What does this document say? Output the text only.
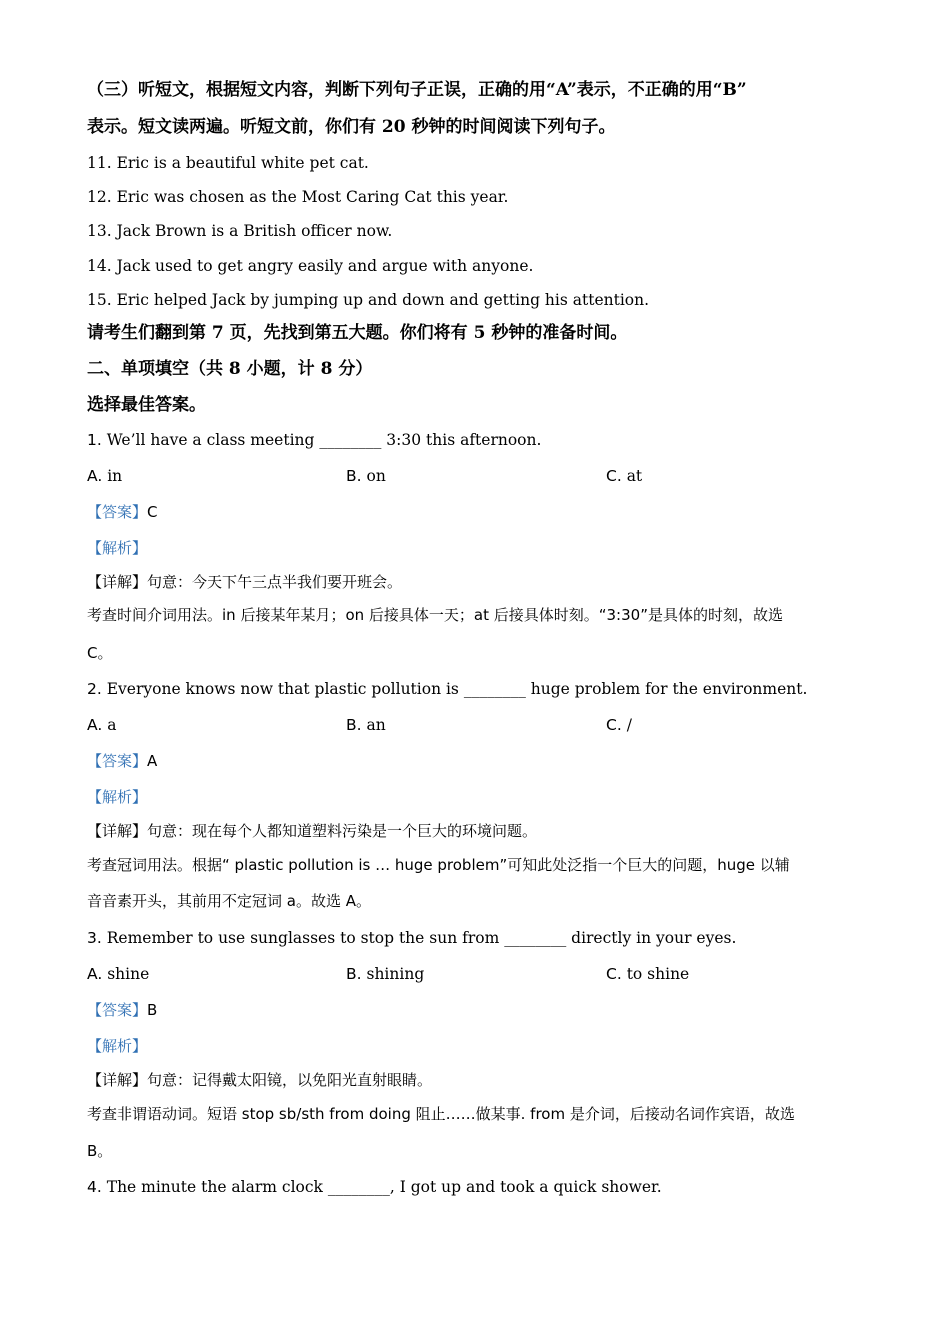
（三）听短文，根据短文内容，判断下列句子正误，正确的用“A”表示，不正确的用“B”
表示。短文读两遍。听短文前，你们有 20 秒钟的时间阅读下列句子。
11. Eric is a beautiful white pet cat.
12. Eric was chosen as the Most Caring Cat this year.
13. Jack Brown is a British officer now.
14. Jack used to get angry easily and argue with anyone.
15. Eric helped Jack by jumping up and down and getting his attention.
请考生们翻到第 7 页，先找到第五大题。你们将有 5 秒钟的准备时间。
二、单项填空（共 8 小题，计 8 分）
选择最佳答案。
1. We’ll have a class meeting ________ 3:30 this afternoon.
A. in	B. on	C. at
【答案】C
【解析】
【详解】句意：今天下午三点半我们要开班会。
考查时间介词用法。in 后接某年某月；on 后接具体一天；at 后接具体时刻。“3:30”是具体的时刻，故选
C。
2. Everyone knows now that plastic pollution is ________ huge problem for the environment.
A. a	B. an	C. /
【答案】A
【解析】
【详解】句意：现在每个人都知道塑料污染是一个巨大的环境问题。
考查冠词用法。根据“ plastic pollution is … huge problem”可知此处泛指一个巨大的问题，huge 以辅
音音素开头，其前用不定冠词 a。故选 A。
3. Remember to use sunglasses to stop the sun from ________ directly in your eyes.
A. shine	B. shining	C. to shine
【答案】B
【解析】
【详解】句意：记得戴太阳镜，以免阳光直射眼睛。
考查非谓语动词。短语 stop sb/sth from doing 阻止……做某事. from 是介词，后接动名词作宾语，故选
B。
4. The minute the alarm clock ________, I got up and took a quick shower.
